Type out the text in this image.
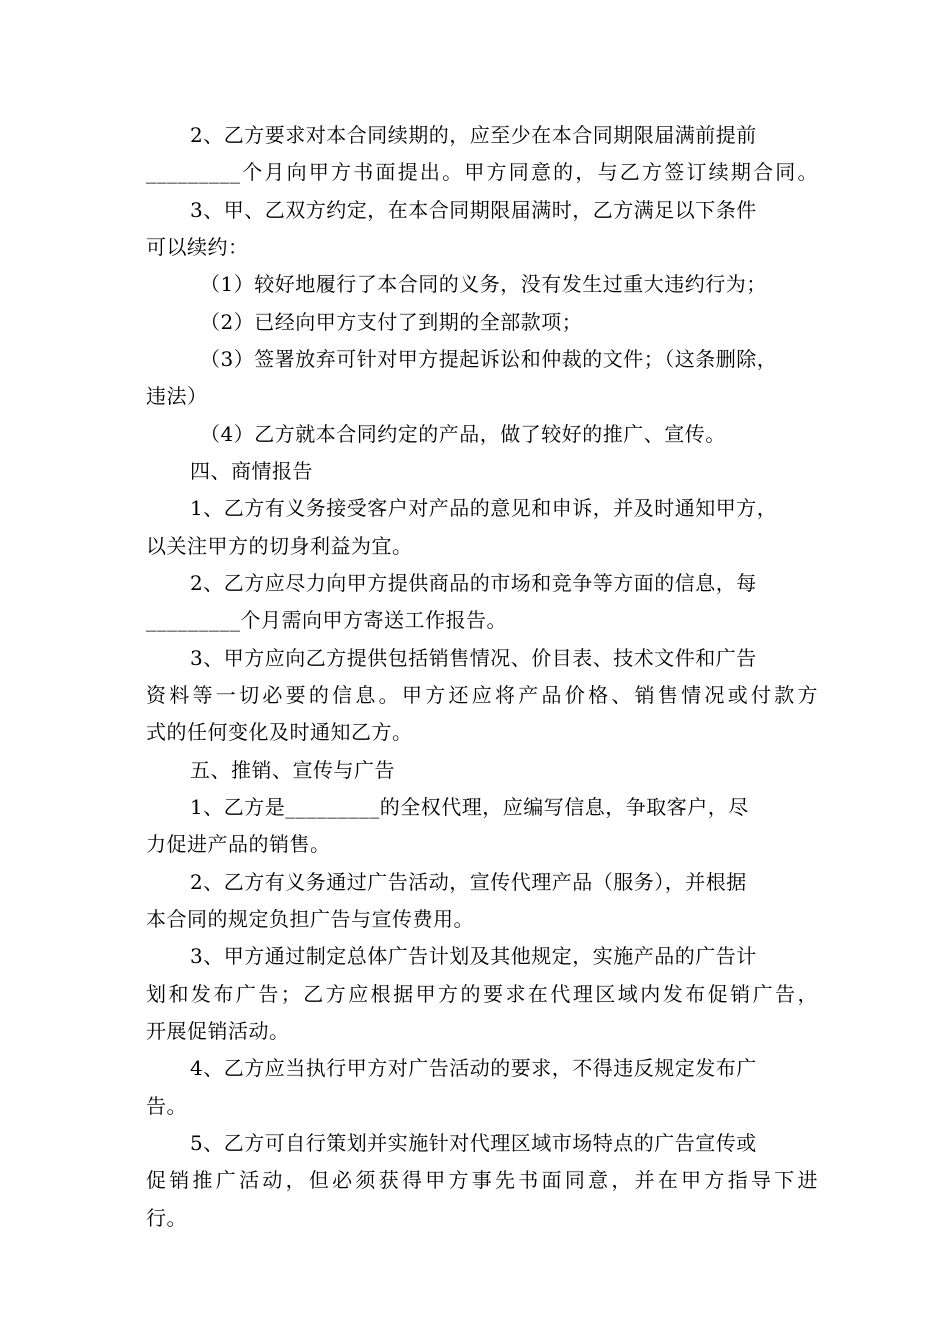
2、乙方要求对本合同续期的，应至少在本合同期限届满前提前
_________个月向甲方书面提出。甲方同意的，与乙方签订续期合同。
3、甲、乙双方约定，在本合同期限届满时，乙方满足以下条件
可以续约：
（1）较好地履行了本合同的义务，没有发生过重大违约行为；
（2）已经向甲方支付了到期的全部款项；
（3）签署放弃可针对甲方提起诉讼和仲裁的文件；（这条删除，
违法）
（4）乙方就本合同约定的产品，做了较好的推广、宣传。
四、商情报告
1、乙方有义务接受客户对产品的意见和申诉，并及时通知甲方，
以关注甲方的切身利益为宜。
2、乙方应尽力向甲方提供商品的市场和竞争等方面的信息，每
_________个月需向甲方寄送工作报告。
3、甲方应向乙方提供包括销售情况、价目表、技术文件和广告
资料等一切必要的信息。甲方还应将产品价格、销售情况或付款方
式的任何变化及时通知乙方。
五、推销、宣传与广告
1、乙方是_________的全权代理，应编写信息，争取客户，尽
力促进产品的销售。
2、乙方有义务通过广告活动，宣传代理产品（服务），并根据
本合同的规定负担广告与宣传费用。
3、甲方通过制定总体广告计划及其他规定，实施产品的广告计
划和发布广告；乙方应根据甲方的要求在代理区域内发布促销广告，
开展促销活动。
4、乙方应当执行甲方对广告活动的要求，不得违反规定发布广
告。
5、乙方可自行策划并实施针对代理区域市场特点的广告宣传或
促销推广活动，但必须获得甲方事先书面同意，并在甲方指导下进
行。
